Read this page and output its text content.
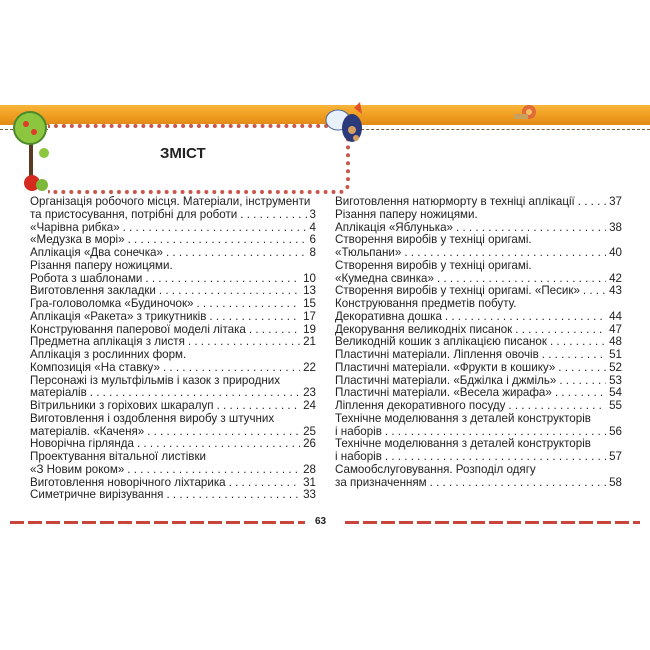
ЗМІСТ
Організація робочого місця. Матеріали, інструменти
та пристосування, потрібні для роботи . . .	3
«Чарівна рибка» . . .	4
«Медузка в морі» . . .	6
Аплікація «Два сонечка» . . .	8
Різання паперу ножицями.
Робота з шаблонами . . .	10
Виготовлення закладки . . .	13
Гра-головоломка «Будиночок» . . .	15
Аплікація «Ракета» з трикутників . . .	17
Конструювання паперової моделі літака . . .	19
Предметна аплікація з листя . . .	21
Аплікація з рослинних форм.
Композиція «На ставку» . . .	22
Персонажі із мультфільмів і казок з природних
матеріалів . . .	23
Вітрильники з горіхових шкаралуп . . .	24
Виготовлення і оздоблення виробу з штучних
матеріалів. «Каченя» . . .	25
Новорічна гірлянда . . .	26
Проектування вітальної листівки
«З Новим роком» . . .	28
Виготовлення новорічного ліхтарика . . .	31
Симетричне вирізування . . .	33
Виготовлення натюрморту в техніці аплікації . . .	37
Різання паперу ножицями.
Аплікація «Яблунька» . . .	38
Створення виробів у техніці оригамі.
«Тюльпани» . . .	40
Створення виробів у техніці оригамі.
«Кумедна свинка» . . .	42
Створення виробів у техніці оригамі. «Песик» . . .	43
Конструювання предметів побуту.
Декоративна дошка . . .	44
Декорування великодніх писанок . . .	47
Великодній кошик з аплікацією писанок . . .	48
Пластичні матеріали. Ліплення овочів . . .	51
Пластичні матеріали. «Фрукти в кошику» . . .	52
Пластичні матеріали. «Бджілка і джміль» . . .	53
Пластичні матеріали. «Весела жирафа» . . .	54
Ліплення декоративного посуду . . .	55
Технічне моделювання з деталей конструкторів
і наборів . . .	56
Технічне моделювання з деталей конструкторів
і наборів . . .	57
Самообслуговування. Розподіл одягу
за призначенням . . .	58
63
